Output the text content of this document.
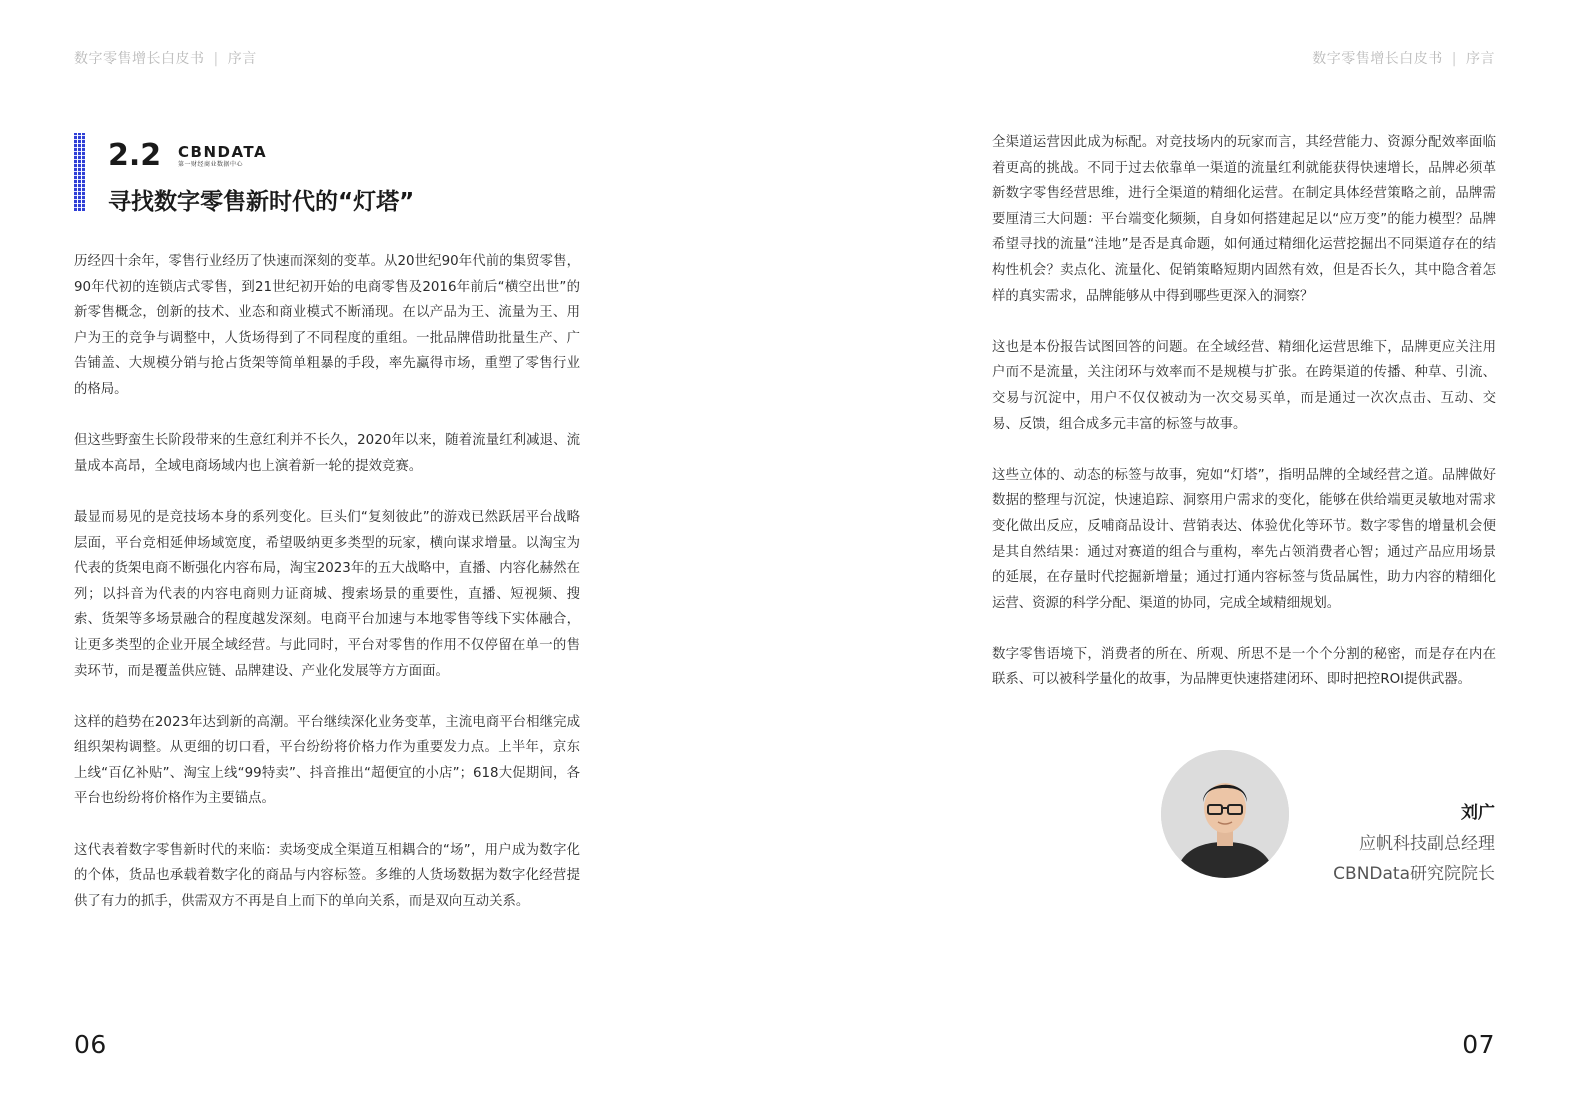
数字零售增长白皮书 | 序言
2.2 CBNDATA
第一财经商业数据中心
寻找数字零售新时代的“灯塔”

历经四十余年，零售行业经历了快速而深刻的变革。从20世纪90年代前的集贸零售，90年代初的连锁店式零售，到21世纪初开始的电商零售及2016年前后“横空出世”的新零售概念，创新的技术、业态和商业模式不断涌现。在以产品为王、流量为王、用户为王的竞争与调整中，人货场得到了不同程度的重组。一批品牌借助批量生产、广告铺盖、大规模分销与抢占货架等简单粗暴的手段，率先赢得市场，重塑了零售行业的格局。

但这些野蛮生长阶段带来的生意红利并不长久，2020年以来，随着流量红利减退、流量成本高昂，全域电商场域内也上演着新一轮的提效竞赛。

最显而易见的是竞技场本身的系列变化。巨头们“复刻彼此”的游戏已然跃居平台战略层面，平台竞相延伸场域宽度，希望吸纳更多类型的玩家，横向谋求增量。以淘宝为代表的货架电商不断强化内容布局，淘宝2023年的五大战略中，直播、内容化赫然在列；以抖音为代表的内容电商则力证商城、搜索场景的重要性，直播、短视频、搜索、货架等多场景融合的程度越发深刻。电商平台加速与本地零售等线下实体融合，让更多类型的企业开展全域经营。与此同时，平台对零售的作用不仅停留在单一的售卖环节，而是覆盖供应链、品牌建设、产业化发展等方方面面。

这样的趋势在2023年达到新的高潮。平台继续深化业务变革，主流电商平台相继完成组织架构调整。从更细的切口看，平台纷纷将价格力作为重要发力点。上半年，京东上线“百亿补贴”、淘宝上线“99特卖”、抖音推出“超便宜的小店”；618大促期间，各平台也纷纷将价格作为主要锚点。

这代表着数字零售新时代的来临：卖场变成全渠道互相耦合的“场”，用户成为数字化的个体，货品也承载着数字化的商品与内容标签。多维的人货场数据为数字化经营提供了有力的抓手，供需双方不再是自上而下的单向关系，而是双向互动关系。

06
数字零售增长白皮书 | 序言

全渠道运营因此成为标配。对竞技场内的玩家而言，其经营能力、资源分配效率面临着更高的挑战。不同于过去依靠单一渠道的流量红利就能获得快速增长，品牌必须革新数字零售经营思维，进行全渠道的精细化运营。在制定具体经营策略之前，品牌需要厘清三大问题：平台端变化频频，自身如何搭建起足以“应万变”的能力模型？品牌希望寻找的流量“洼地”是否是真命题，如何通过精细化运营挖掘出不同渠道存在的结构性机会？卖点化、流量化、促销策略短期内固然有效，但是否长久，其中隐含着怎样的真实需求，品牌能够从中得到哪些更深入的洞察？

这也是本份报告试图回答的问题。在全域经营、精细化运营思维下，品牌更应关注用户而不是流量，关注闭环与效率而不是规模与扩张。在跨渠道的传播、种草、引流、交易与沉淀中，用户不仅仅被动为一次交易买单，而是通过一次次点击、互动、交易、反馈，组合成多元丰富的标签与故事。

这些立体的、动态的标签与故事，宛如“灯塔”，指明品牌的全域经营之道。品牌做好数据的整理与沉淀，快速追踪、洞察用户需求的变化，能够在供给端更灵敏地对需求变化做出反应，反哺商品设计、营销表达、体验优化等环节。数字零售的增量机会便是其自然结果：通过对赛道的组合与重构，率先占领消费者心智；通过产品应用场景的延展，在存量时代挖掘新增量；通过打通内容标签与货品属性，助力内容的精细化运营、资源的科学分配、渠道的协同，完成全域精细规划。

数字零售语境下，消费者的所在、所观、所思不是一个个分割的秘密，而是存在内在联系、可以被科学量化的故事，为品牌更快速搭建闭环、即时把控ROI提供武器。

刘广
应帆科技副总经理
CBNData研究院院长
07
